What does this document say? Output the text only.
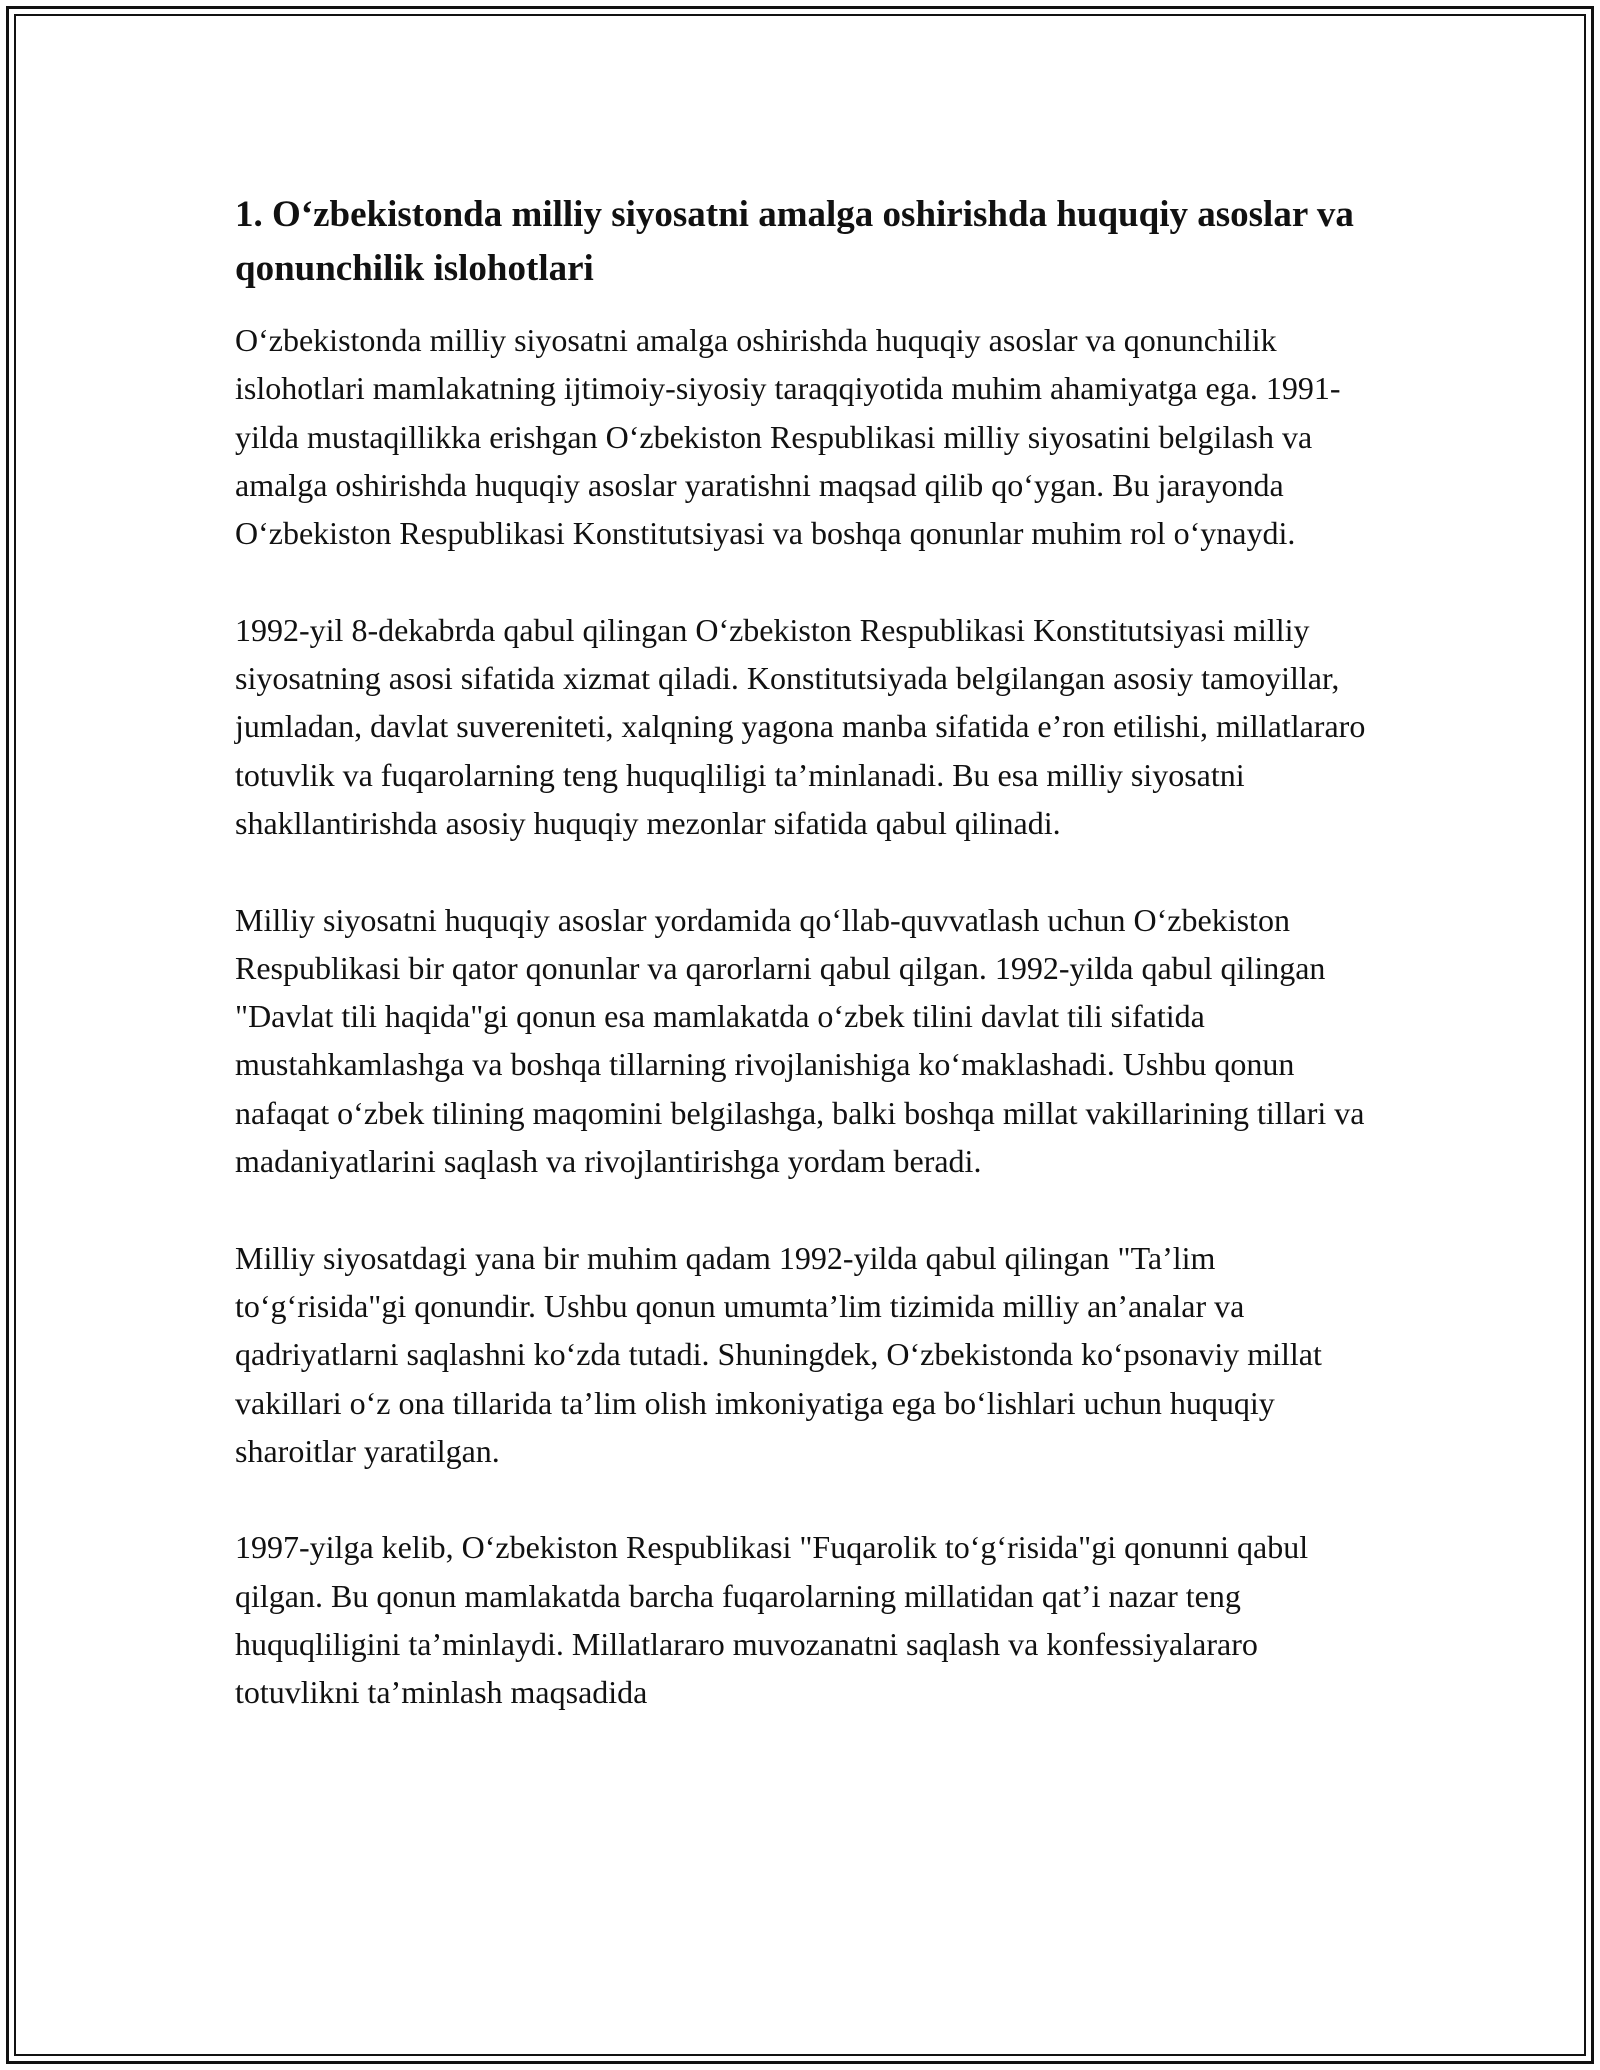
1. O‘zbekistonda milliy siyosatni amalga oshirishda huquqiy asoslar va qonunchilik islohotlari

O‘zbekistonda milliy siyosatni amalga oshirishda huquqiy asoslar va qonunchilik islohotlari mamlakatning ijtimoiy-siyosiy taraqqiyotida muhim ahamiyatga ega. 1991-yilda mustaqillikka erishgan O‘zbekiston Respublikasi milliy siyosatini belgilash va amalga oshirishda huquqiy asoslar yaratishni maqsad qilib qo‘ygan. Bu jarayonda O‘zbekiston Respublikasi Konstitutsiyasi va boshqa qonunlar muhim rol o‘ynaydi.

1992-yil 8-dekabrda qabul qilingan O‘zbekiston Respublikasi Konstitutsiyasi milliy siyosatning asosi sifatida xizmat qiladi. Konstitutsiyada belgilangan asosiy tamoyillar, jumladan, davlat suvereniteti, xalqning yagona manba sifatida e’ron etilishi, millatlararo totuvlik va fuqarolarning teng huquqliligi ta’minlanadi. Bu esa milliy siyosatni shakllantirishda asosiy huquqiy mezonlar sifatida qabul qilinadi.

Milliy siyosatni huquqiy asoslar yordamida qo‘llab-quvvatlash uchun O‘zbekiston Respublikasi bir qator qonunlar va qarorlarni qabul qilgan. 1992-yilda qabul qilingan "Davlat tili haqida"gi qonun esa mamlakatda o‘zbek tilini davlat tili sifatida mustahkamlashga va boshqa tillarning rivojlanishiga ko‘maklashadi. Ushbu qonun nafaqat o‘zbek tilining maqomini belgilashga, balki boshqa millat vakillarining tillari va madaniyatlarini saqlash va rivojlantirishga yordam beradi.

Milliy siyosatdagi yana bir muhim qadam 1992-yilda qabul qilingan "Ta’lim to‘g‘risida"gi qonundir. Ushbu qonun umumta’lim tizimida milliy an’analar va qadriyatlarni saqlashni ko‘zda tutadi. Shuningdek, O‘zbekistonda ko‘psonaviy millat vakillari o‘z ona tillarida ta’lim olish imkoniyatiga ega bo‘lishlari uchun huquqiy sharoitlar yaratilgan.

1997-yilga kelib, O‘zbekiston Respublikasi "Fuqarolik to‘g‘risida"gi qonunni qabul qilgan. Bu qonun mamlakatda barcha fuqarolarning millatidan qat’i nazar teng huquqliligini ta’minlaydi. Millatlararo muvozanatni saqlash va konfessiyalararo totuvlikni ta’minlash maqsadida
